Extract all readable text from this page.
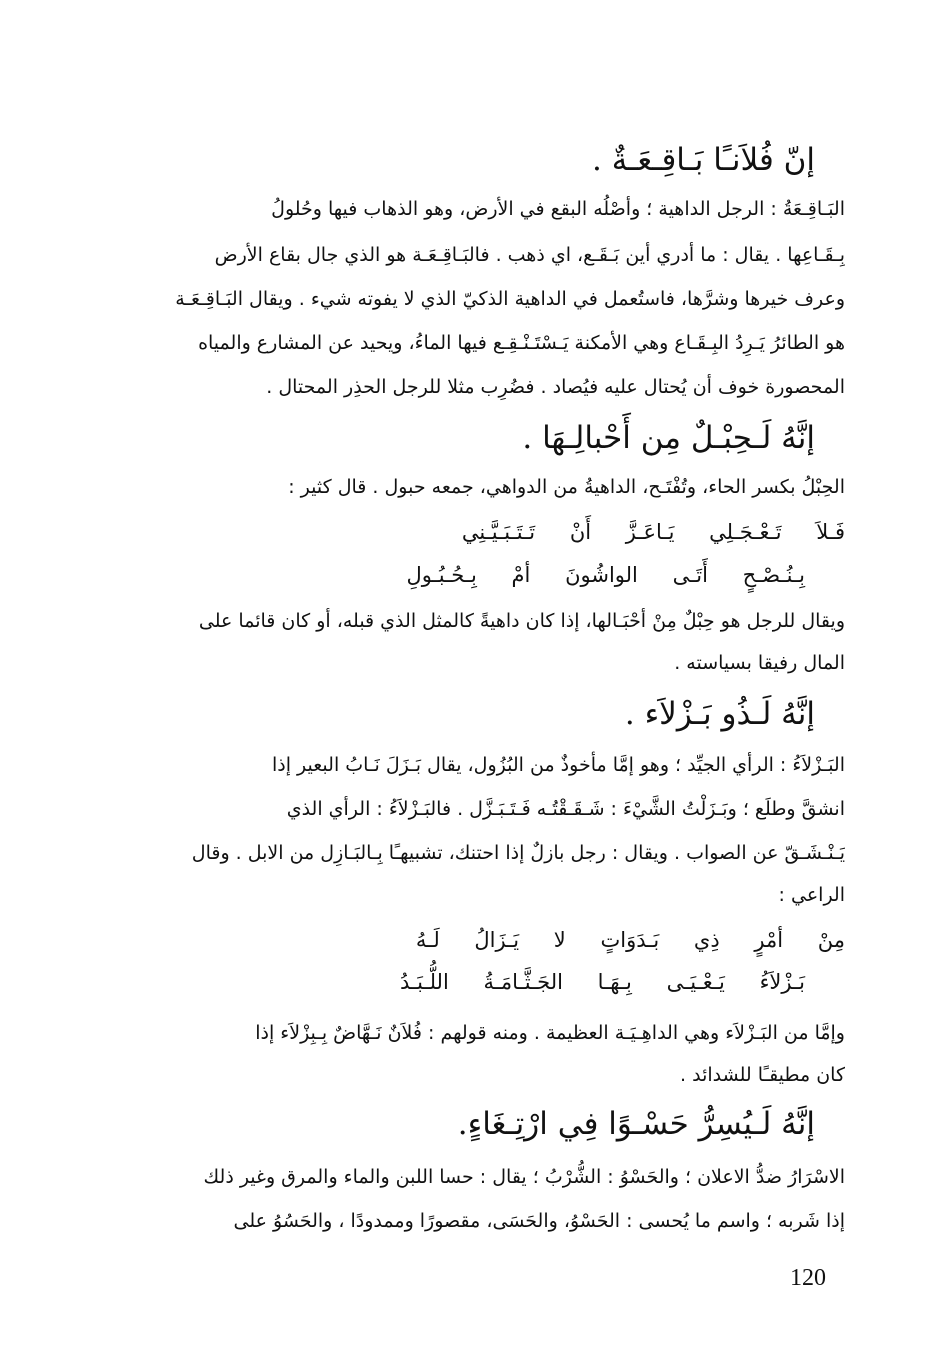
إنّ فُلاَنـًا بَـاقِـعَـةٌ .
البَـاقِـعَةُ : الرجل الداهية ؛ وأصْلُه البقع في الأرض، وهو الذهاب فيها وحُلولُ
بِـقَـاعِها . يقال : ما أدري أين بَـقَـع، اي ذهب . فالبَـاقِـعَـة هو الذي جال بقاع الأرض
وعرف خيرها وشرَّها، فاستُعمل في الداهية الذكيّ الذي لا يفوته شيء . ويقال البَـاقِـعَـة
هو الطائرُ يَـرِدُ البِـقَـاع وهي الأمكنة يَـسْتَـنْـقِـع فيها الماءُ، ويحيد عن المشارع والمياه
المحصورة خوف أن يُحتال عليه فيُصاد . فضُرِب مثلا للرجل الحذِر المحتال .
إنَّهُ لَـحِبْـلٌ مِن أَحْبالِـهَا .
الحِبْلُ بكسر الحاء، وتُفْتَـح، الداهيةُ من الدواهي، جمعه حبول . قال كثير :
فَـلاَ تَـعْـجَـلِي يَـاعَـزَّ أَنْ تَـتَـبَـيَّـنِي
بِـنُـصْـحٍ أَتَـى الواشُونَ أمْ بِـحُـبُـولِ
ويقال للرجل هو حِبْلٌ مِنْ أحْبَـالها، إذا كان داهيةً كالمثل الذي قبله، أو كان قائما على
المال رفيقا بسياسته .
إنَّهُ لَـذُو بَـزْلاَء .
البَـزْلاَءُ : الرأي الجيِّد ؛ وهو إمَّا مأخوذٌ من البُزُول، يقال بَـزَلَ نَـابُ البعير إذا
انشقَّ وطلَع ؛ وبَـزَلْتُ الشَّيْءَ : شَـقَـقْتُـه فَـتَـبَـزَّل . فالبَـزْلاَءُ : الرأي الذي
يَـنْـشَـقّ عن الصواب . ويقال : رجل بازلٌ إذا احتنك، تشبيهـًا بِـالبَـازِل من الابل . وقال
الراعي :
مِنْ أمْرٍ ذِي بَـدَوَاتٍ لا يَـزَالُ لَـهُ
بَـزْلاَءُ يَـعْـيَـى بِـهَـا الجَـثَّـامَـةُ اللُّـبَـدُ
وإمَّا من البَـزْلاَء وهي الداهِـيَـة العظيمة . ومنه قولهم : فُلاَنٌ نَـهَّاضٌ بِـبِزْلاَء إذا
كان مطيقـًا للشدائد .
إنَّهُ لَـيُسِرُّ حَسْـوًا فِي ارْتِـغَاءٍ.
الاسْرَارُ ضدُّ الاعلان ؛ والحَسْوُ : الشُّرْبُ ؛ يقال : حسا اللبن والماء والمرق وغير ذلك
إذا شَربه ؛ واسم ما يُحسى : الحَسْوُ، والحَسَى، مقصورًا وممدودًا ، والحَسُوُ على
120
